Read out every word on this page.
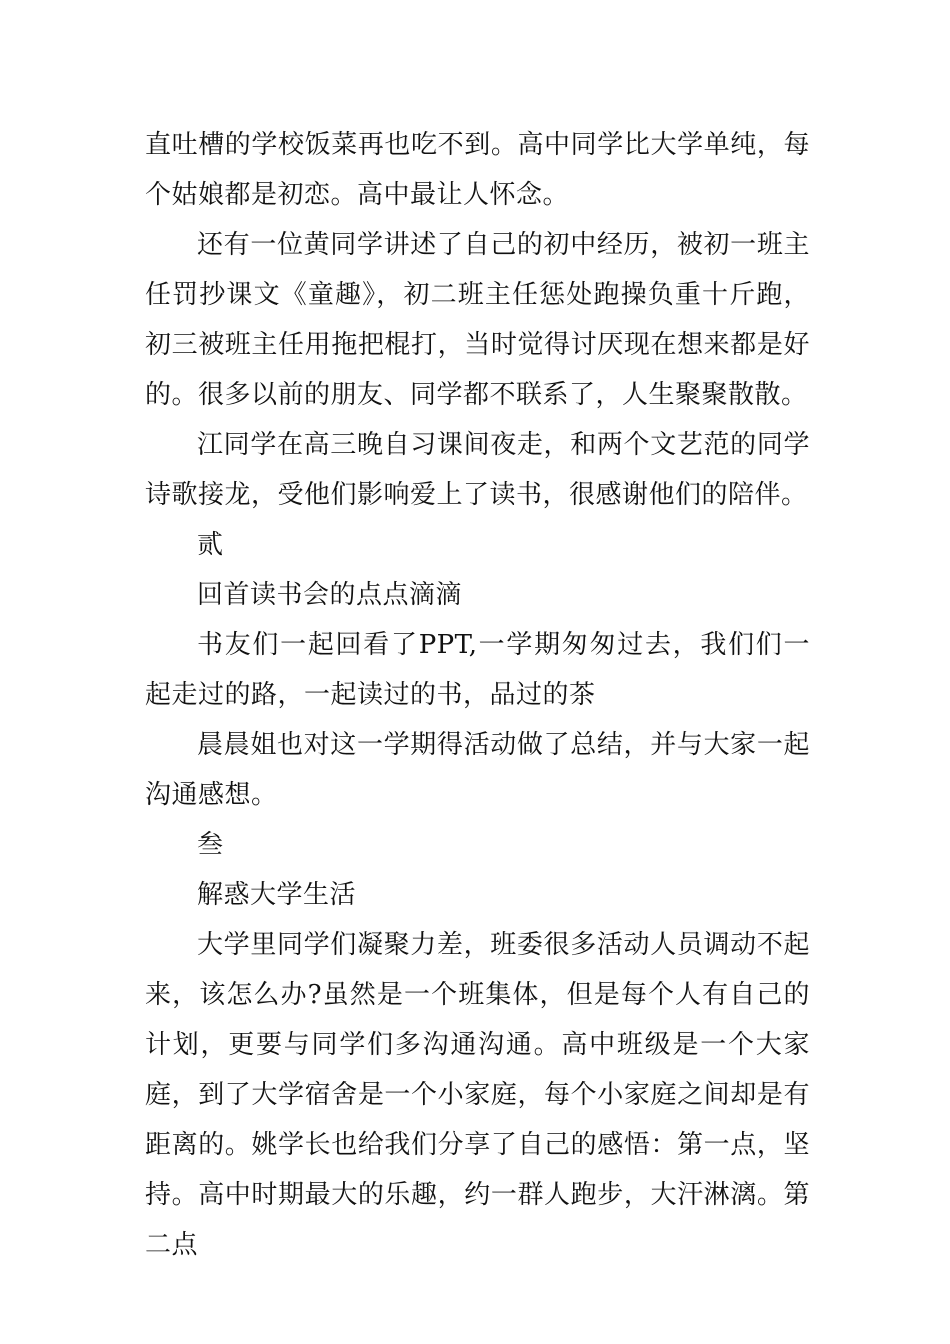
直吐槽的学校饭菜再也吃不到。高中同学比大学单纯，每个姑娘都是初恋。高中最让人怀念。

还有一位黄同学讲述了自己的初中经历，被初一班主任罚抄课文《童趣》，初二班主任惩处跑操负重十斤跑，初三被班主任用拖把棍打，当时觉得讨厌现在想来都是好的。很多以前的朋友、同学都不联系了，人生聚聚散散。

江同学在高三晚自习课间夜走，和两个文艺范的同学诗歌接龙，受他们影响爱上了读书，很感谢他们的陪伴。

贰

回首读书会的点点滴滴

书友们一起回看了PPT,一学期匆匆过去，我们们一起走过的路，一起读过的书，品过的茶

晨晨姐也对这一学期得活动做了总结，并与大家一起沟通感想。

叁

解惑大学生活

大学里同学们凝聚力差，班委很多活动人员调动不起来，该怎么办?虽然是一个班集体，但是每个人有自己的计划，更要与同学们多沟通沟通。高中班级是一个大家庭，到了大学宿舍是一个小家庭，每个小家庭之间却是有距离的。姚学长也给我们分享了自己的感悟：第一点，坚持。高中时期最大的乐趣，约一群人跑步，大汗淋漓。第二点
